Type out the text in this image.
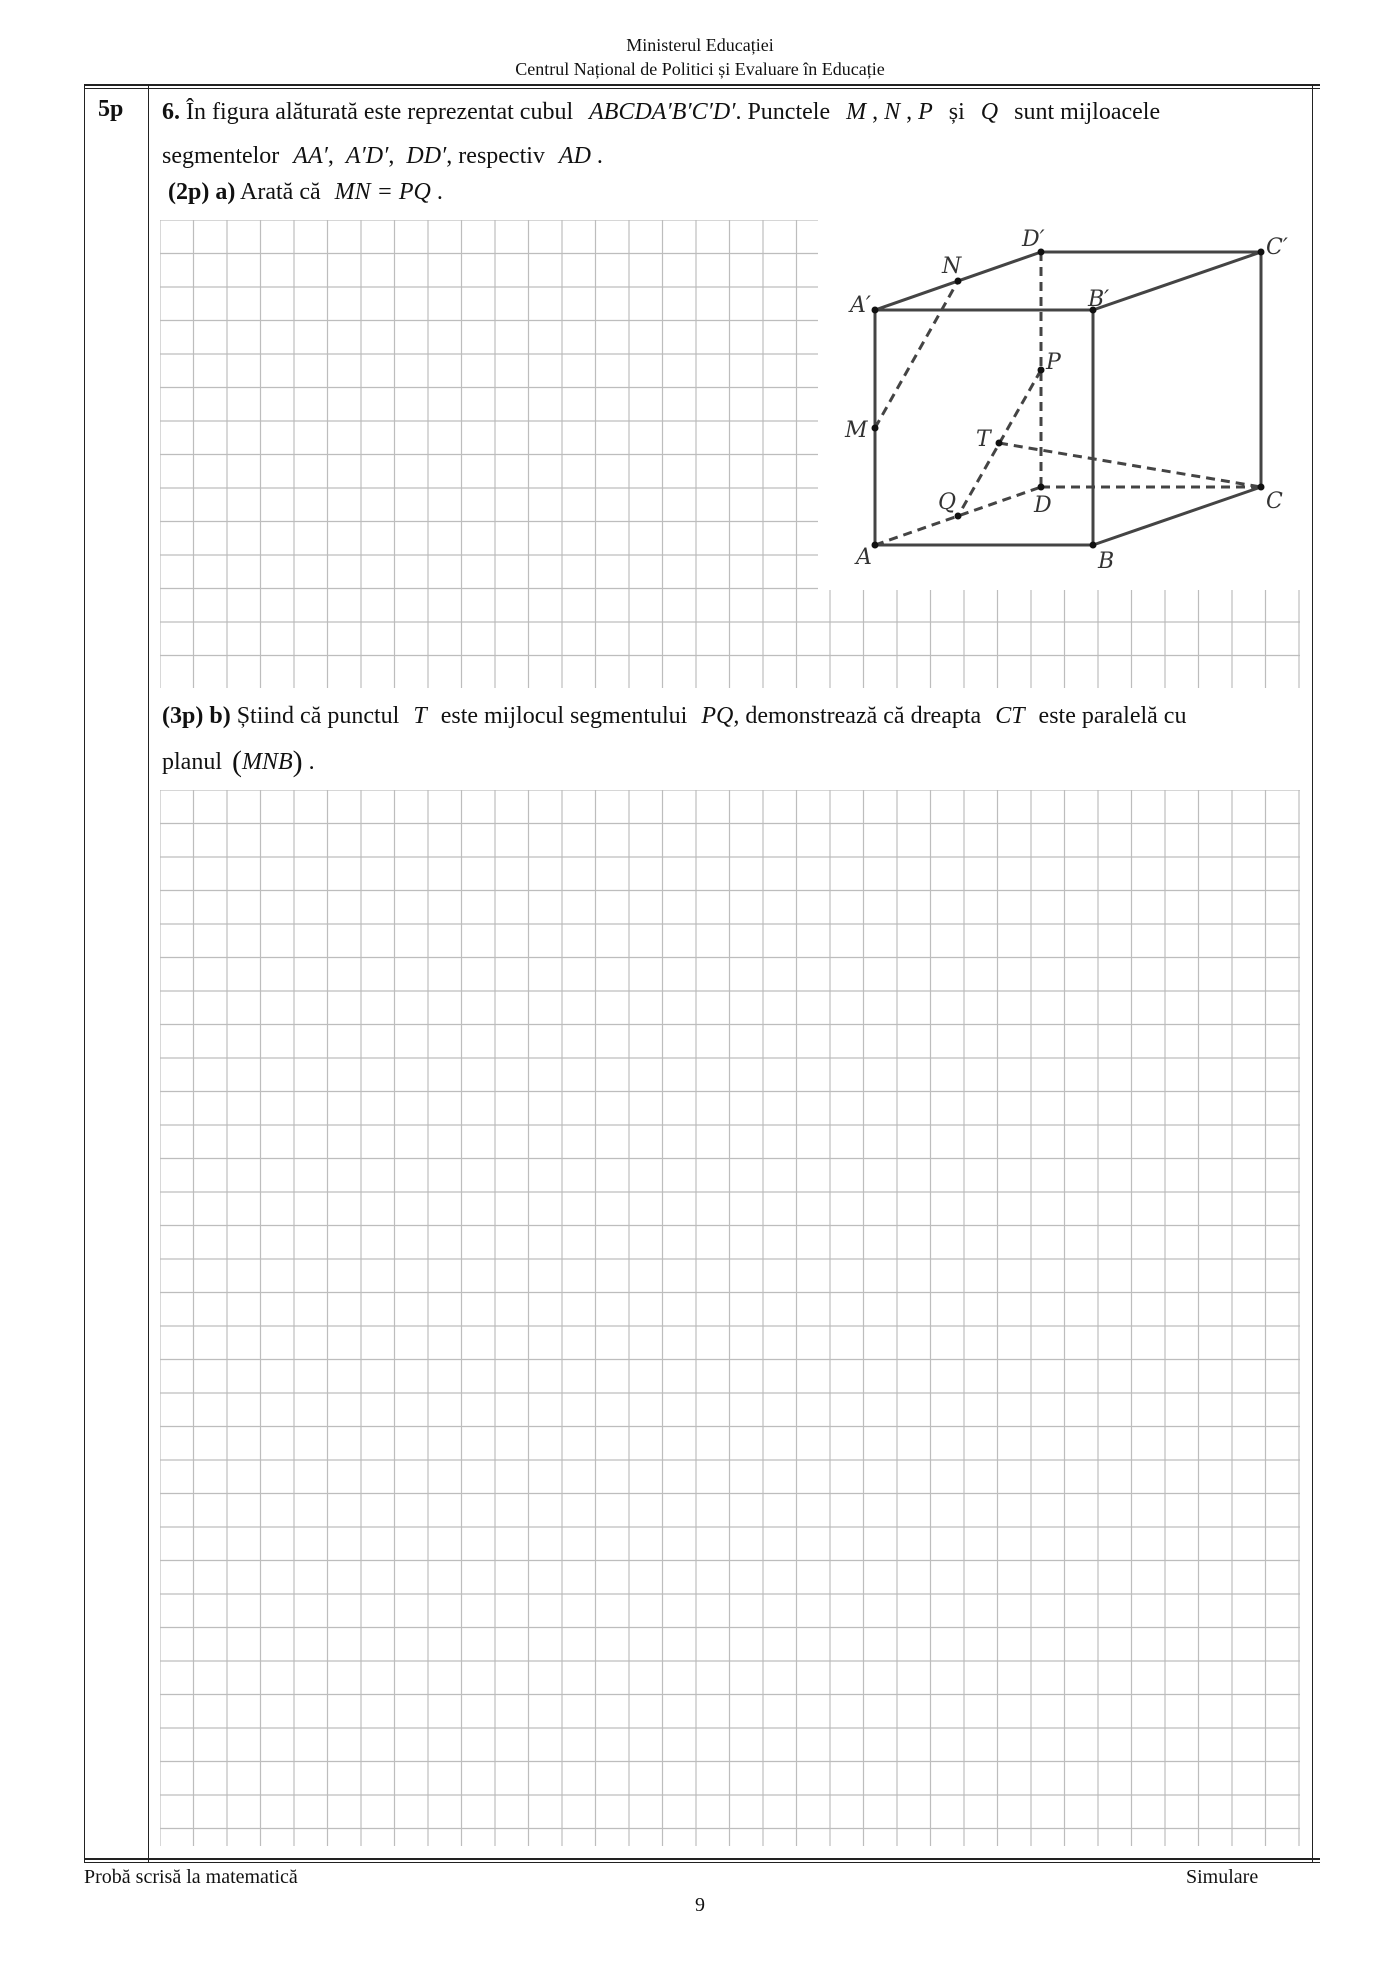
Ministerul Educației
Centrul Național de Politici și Evaluare în Educație
5p 6. În figura alăturată este reprezentat cubul ABCDA′B′C′D′. Punctele M , N , P și Q sunt mijloacele
segmentelor AA′, A′D′, DD′, respectiv AD .
(2p) a) Arată că MN = PQ .
A	B
C
D
A′	B′
C′
D′
M
N
P
Q
T
(3p) b) Știind că punctul T este mijlocul segmentului PQ, demonstrează că dreapta CT este paralelă cu
planul (MNB) .
Probă scrisă la matematică	Simulare
9
